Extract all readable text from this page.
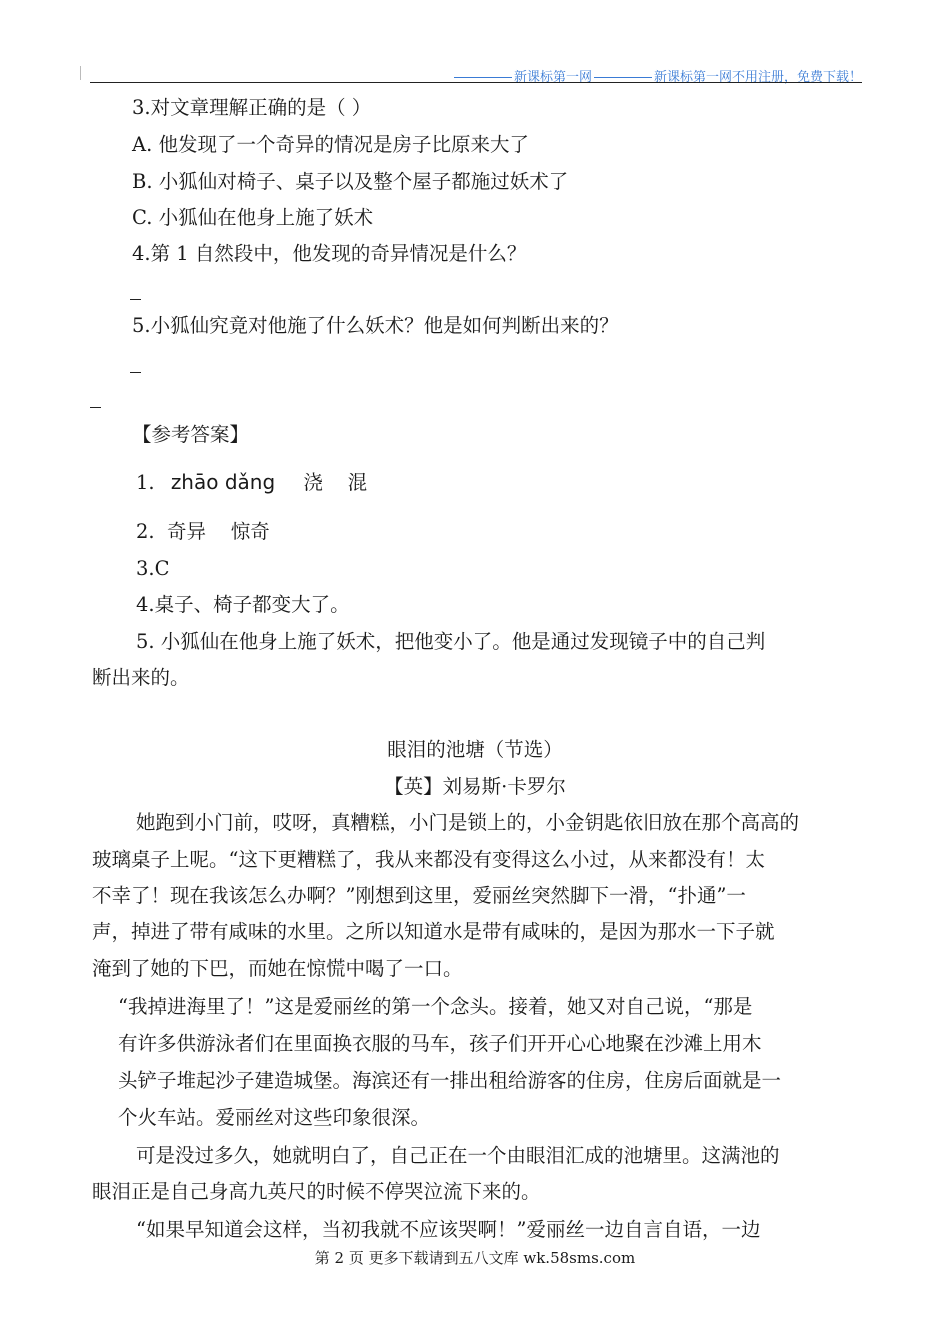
新课标第一网	新课标第一网不用注册，免费下载！
3.对文章理解正确的是（ ）
A. 他发现了一个奇异的情况是房子比原来大了
B. 小狐仙对椅子、桌子以及整个屋子都施过妖术了
C. 小狐仙在他身上施了妖术
4.第 1 自然段中，他发现的奇异情况是什么？
5.小狐仙究竟对他施了什么妖术？他是如何判断出来的？
【参考答案】
1. zhāo dǎng 浇    混
2.  奇异    惊奇
3.C
4.桌子、椅子都变大了。
5. 小狐仙在他身上施了妖术，把他变小了。他是通过发现镜子中的自己判
断出来的。
眼泪的池塘（节选）
【英】刘易斯·卡罗尔
她跑到小门前，哎呀，真糟糕，小门是锁上的，小金钥匙依旧放在那个高高的
玻璃桌子上呢。“这下更糟糕了，我从来都没有变得这么小过，从来都没有！太
不幸了！现在我该怎么办啊？”刚想到这里，爱丽丝突然脚下一滑，“扑通”一
声，掉进了带有咸味的水里。之所以知道水是带有咸味的，是因为那水一下子就
淹到了她的下巴，而她在惊慌中喝了一口。
“我掉进海里了！”这是爱丽丝的第一个念头。接着，她又对自己说，“那是
有许多供游泳者们在里面换衣服的马车，孩子们开开心心地聚在沙滩上用木
头铲子堆起沙子建造城堡。海滨还有一排出租给游客的住房，住房后面就是一
个火车站。爱丽丝对这些印象很深。
可是没过多久，她就明白了，自己正在一个由眼泪汇成的池塘里。这满池的
眼泪正是自己身高九英尺的时候不停哭泣流下来的。
“如果早知道会这样，当初我就不应该哭啊！”爱丽丝一边自言自语，一边
第 2 页 更多下载请到五八文库 wk.58sms.com
